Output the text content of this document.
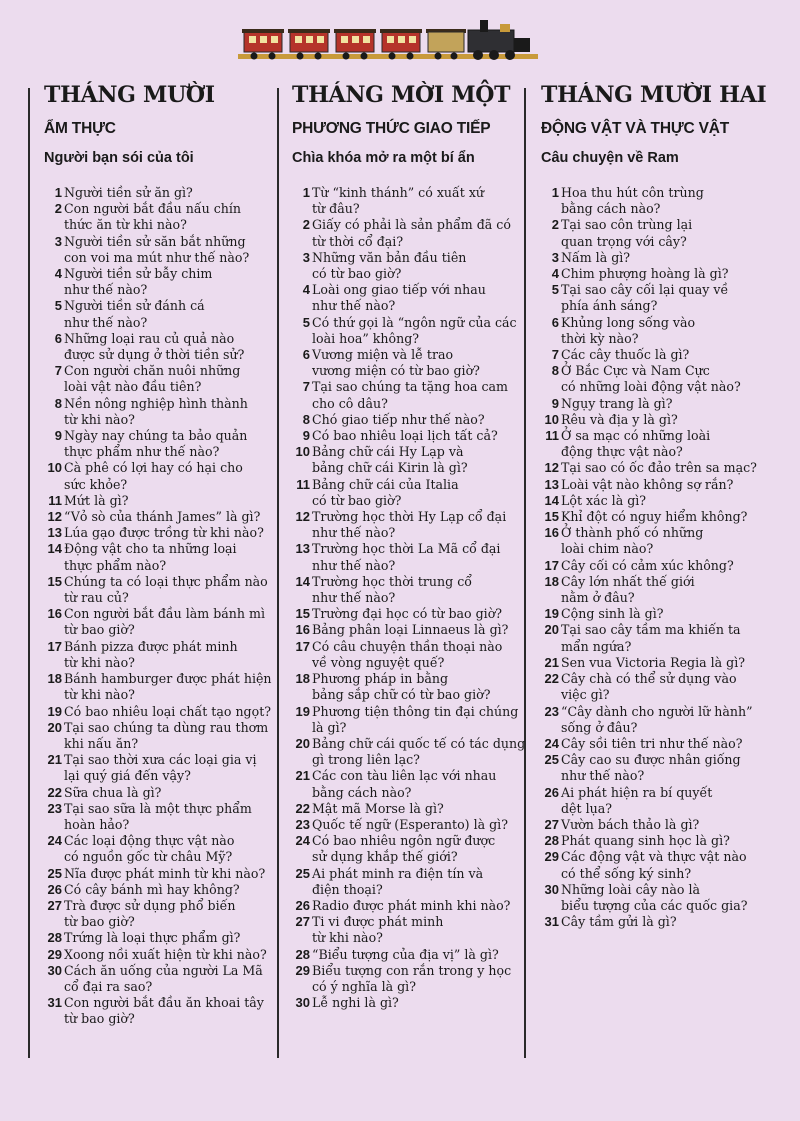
THÁNG MƯỜI
ẨM THỰC
Người bạn sói của tôi
1 Người tiền sử ăn gì?
2 Con người bắt đầu nấu chín
thức ăn từ khi nào?
3 Người tiền sử săn bắt những
con voi ma mút như thế nào?
4 Người tiền sử bẫy chim
như thế nào?
5 Người tiền sử đánh cá
như thế nào?
6 Những loại rau củ quả nào
được sử dụng ở thời tiền sử?
7 Con người chăn nuôi những
loài vật nào đầu tiên?
8 Nền nông nghiệp hình thành
từ khi nào?
9 Ngày nay chúng ta bảo quản
thực phẩm như thế nào?
10 Cà phê có lợi hay có hại cho
sức khỏe?
11 Mứt là gì?
12 “Vỏ sò của thánh James” là gì?
13 Lúa gạo được trồng từ khi nào?
14 Động vật cho ta những loại
thực phẩm nào?
15 Chúng ta có loại thực phẩm nào
từ rau củ?
16 Con người bắt đầu làm bánh mì
từ bao giờ?
17 Bánh pizza được phát minh
từ khi nào?
18 Bánh hamburger được phát hiện
từ khi nào?
19 Có bao nhiêu loại chất tạo ngọt?
20 Tại sao chúng ta dùng rau thơm
khi nấu ăn?
21 Tại sao thời xưa các loại gia vị
lại quý giá đến vậy?
22 Sữa chua là gì?
23 Tại sao sữa là một thực phẩm
hoàn hảo?
24 Các loại động thực vật nào
có nguồn gốc từ châu Mỹ?
25 Nĩa được phát minh từ khi nào?
26 Có cây bánh mì hay không?
27 Trà được sử dụng phổ biến
từ bao giờ?
28 Trứng là loại thực phẩm gì?
29 Xoong nồi xuất hiện từ khi nào?
30 Cách ăn uống của người La Mã
cổ đại ra sao?
31 Con người bắt đầu ăn khoai tây
từ bao giờ?
THÁNG MỜI MỘT
PHƯƠNG THỨC GIAO TIẾP
Chìa khóa mở ra một bí ẩn
1 Từ “kinh thánh” có xuất xứ
từ đâu?
2 Giấy có phải là sản phẩm đã có
từ thời cổ đại?
3 Những văn bản đầu tiên
có từ bao giờ?
4 Loài ong giao tiếp với nhau
như thế nào?
5 Có thứ gọi là “ngôn ngữ của các
loài hoa” không?
6 Vương miện và lễ trao
vương miện có từ bao giờ?
7 Tại sao chúng ta tặng hoa cam
cho cô dâu?
8 Chó giao tiếp như thế nào?
9 Có bao nhiêu loại lịch tất cả?
10 Bảng chữ cái Hy Lạp và
bảng chữ cái Kirin là gì?
11 Bảng chữ cái của Italia
có từ bao giờ?
12 Trường học thời Hy Lạp cổ đại
như thế nào?
13 Trường học thời La Mã cổ đại
như thế nào?
14 Trường học thời trung cổ
như thế nào?
15 Trường đại học có từ bao giờ?
16 Bảng phân loại Linnaeus là gì?
17 Có câu chuyện thần thoại nào
về vòng nguyệt quế?
18 Phương pháp in bằng
bảng sắp chữ có từ bao giờ?
19 Phương tiện thông tin đại chúng
là gì?
20 Bảng chữ cái quốc tế có tác dụng
gì trong liên lạc?
21 Các con tàu liên lạc với nhau
bằng cách nào?
22 Mật mã Morse là gì?
23 Quốc tế ngữ (Esperanto) là gì?
24 Có bao nhiêu ngôn ngữ được
sử dụng khắp thế giới?
25 Ai phát minh ra điện tín và
điện thoại?
26 Radio được phát minh khi nào?
27 Ti vi được phát minh
từ khi nào?
28 “Biểu tượng của địa vị” là gì?
29 Biểu tượng con rắn trong y học
có ý nghĩa là gì?
30 Lễ nghi là gì?
THÁNG MƯỜI HAI
ĐỘNG VẬT VÀ THỰC VẬT
Câu chuyện về Ram
1 Hoa thu hút côn trùng
bằng cách nào?
2 Tại sao côn trùng lại
quan trọng với cây?
3 Nấm là gì?
4 Chim phượng hoàng là gì?
5 Tại sao cây cối lại quay về
phía ánh sáng?
6 Khủng long sống vào
thời kỳ nào?
7 Các cây thuốc là gì?
8 Ở Bắc Cực và Nam Cực
có những loài động vật nào?
9 Ngụy trang là gì?
10 Rêu và địa y là gì?
11 Ở sa mạc có những loài
động thực vật nào?
12 Tại sao có ốc đảo trên sa mạc?
13 Loài vật nào không sợ rắn?
14 Lột xác là gì?
15 Khỉ đột có nguy hiểm không?
16 Ở thành phố có những
loài chim nào?
17 Cây cối có cảm xúc không?
18 Cây lớn nhất thế giới
nằm ở đâu?
19 Cộng sinh là gì?
20 Tại sao cây tầm ma khiến ta
mẩn ngứa?
21 Sen vua Victoria Regia là gì?
22 Cây chà có thể sử dụng vào
việc gì?
23 “Cây dành cho người lữ hành”
sống ở đâu?
24 Cây sồi tiên tri như thế nào?
25 Cây cao su được nhân giống
như thế nào?
26 Ai phát hiện ra bí quyết
dệt lụa?
27 Vườn bách thảo là gì?
28 Phát quang sinh học là gì?
29 Các động vật và thực vật nào
có thể sống ký sinh?
30 Những loài cây nào là
biểu tượng của các quốc gia?
31 Cây tầm gửi là gì?
